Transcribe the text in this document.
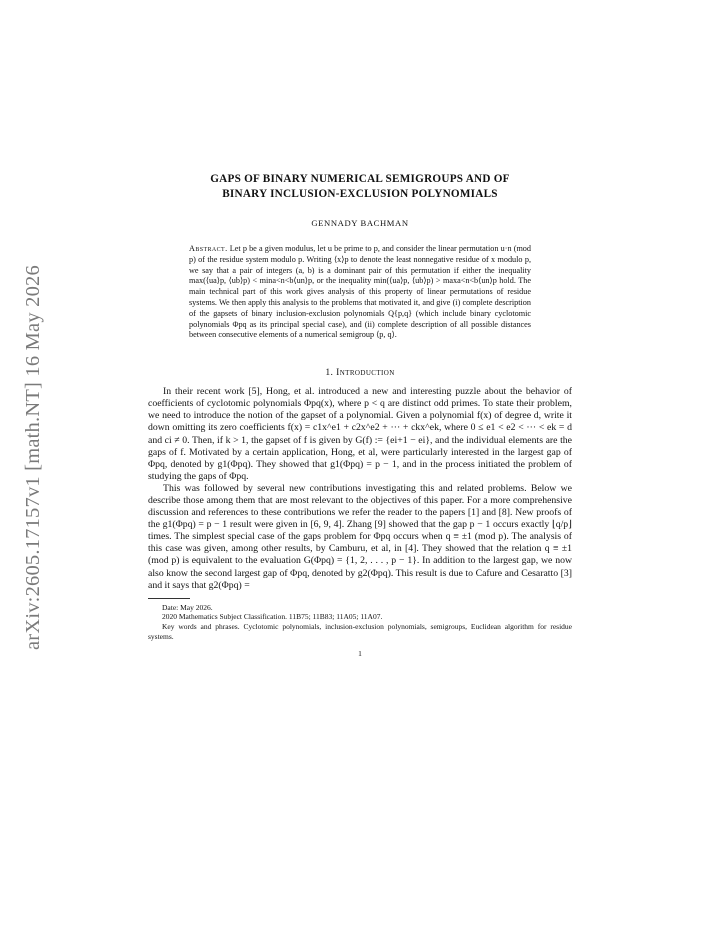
arXiv:2605.17157v1 [math.NT] 16 May 2026
GAPS OF BINARY NUMERICAL SEMIGROUPS AND OF
BINARY INCLUSION-EXCLUSION POLYNOMIALS
GENNADY BACHMAN
Abstract. Let p be a given modulus, let u be prime to p, and consider the linear permutation u·n (mod p) of the residue system modulo p. Writing ⟨x⟩p to denote the least nonnegative residue of x modulo p, we say that a pair of integers (a, b) is a dominant pair of this permutation if either the inequality max(⟨ua⟩p, ⟨ub⟩p) < mina<n<b⟨un⟩p, or the inequality min(⟨ua⟩p, ⟨ub⟩p) > maxa<n<b⟨un⟩p hold. The main technical part of this work gives analysis of this property of linear permutations of residue systems. We then apply this analysis to the problems that motivated it, and give (i) complete description of the gapsets of binary inclusion-exclusion polynomials Q{p,q} (which include binary cyclotomic polynomials Φpq as its principal special case), and (ii) complete description of all possible distances between consecutive elements of a numerical semigroup ⟨p, q⟩.
1. Introduction

In their recent work [5], Hong, et al. introduced a new and interesting puzzle about the behavior of coefficients of cyclotomic polynomials Φpq(x), where p < q are distinct odd primes. To state their problem, we need to introduce the notion of the gapset of a polynomial. Given a polynomial f(x) of degree d, write it down omitting its zero coefficients f(x) = c1x^e1 + c2x^e2 + ··· + ckx^ek, where 0 ≤ e1 < e2 < ··· < ek = d and ci ≠ 0. Then, if k > 1, the gapset of f is given by G(f) := {ei+1 − ei}, and the individual elements are the gaps of f. Motivated by a certain application, Hong, et al, were particularly interested in the largest gap of Φpq, denoted by g1(Φpq). They showed that g1(Φpq) = p − 1, and in the process initiated the problem of studying the gaps of Φpq.

This was followed by several new contributions investigating this and related problems. Below we describe those among them that are most relevant to the objectives of this paper. For a more comprehensive discussion and references to these contributions we refer the reader to the papers [1] and [8]. New proofs of the g1(Φpq) = p − 1 result were given in [6, 9, 4]. Zhang [9] showed that the gap p − 1 occurs exactly ⌊q/p⌋ times. The simplest special case of the gaps problem for Φpq occurs when q ≡ ±1 (mod p). The analysis of this case was given, among other results, by Camburu, et al, in [4]. They showed that the relation q ≡ ±1 (mod p) is equivalent to the evaluation G(Φpq) = {1, 2, . . . , p − 1}. In addition to the largest gap, we now also know the second largest gap of Φpq, denoted by g2(Φpq). This result is due to Cafure and Cesaratto [3] and it says that g2(Φpq) =

Date: May 2026.
2020 Mathematics Subject Classification. 11B75; 11B83; 11A05; 11A07.
Key words and phrases. Cyclotomic polynomials, inclusion-exclusion polynomials, semigroups, Euclidean algorithm for residue systems.
1
